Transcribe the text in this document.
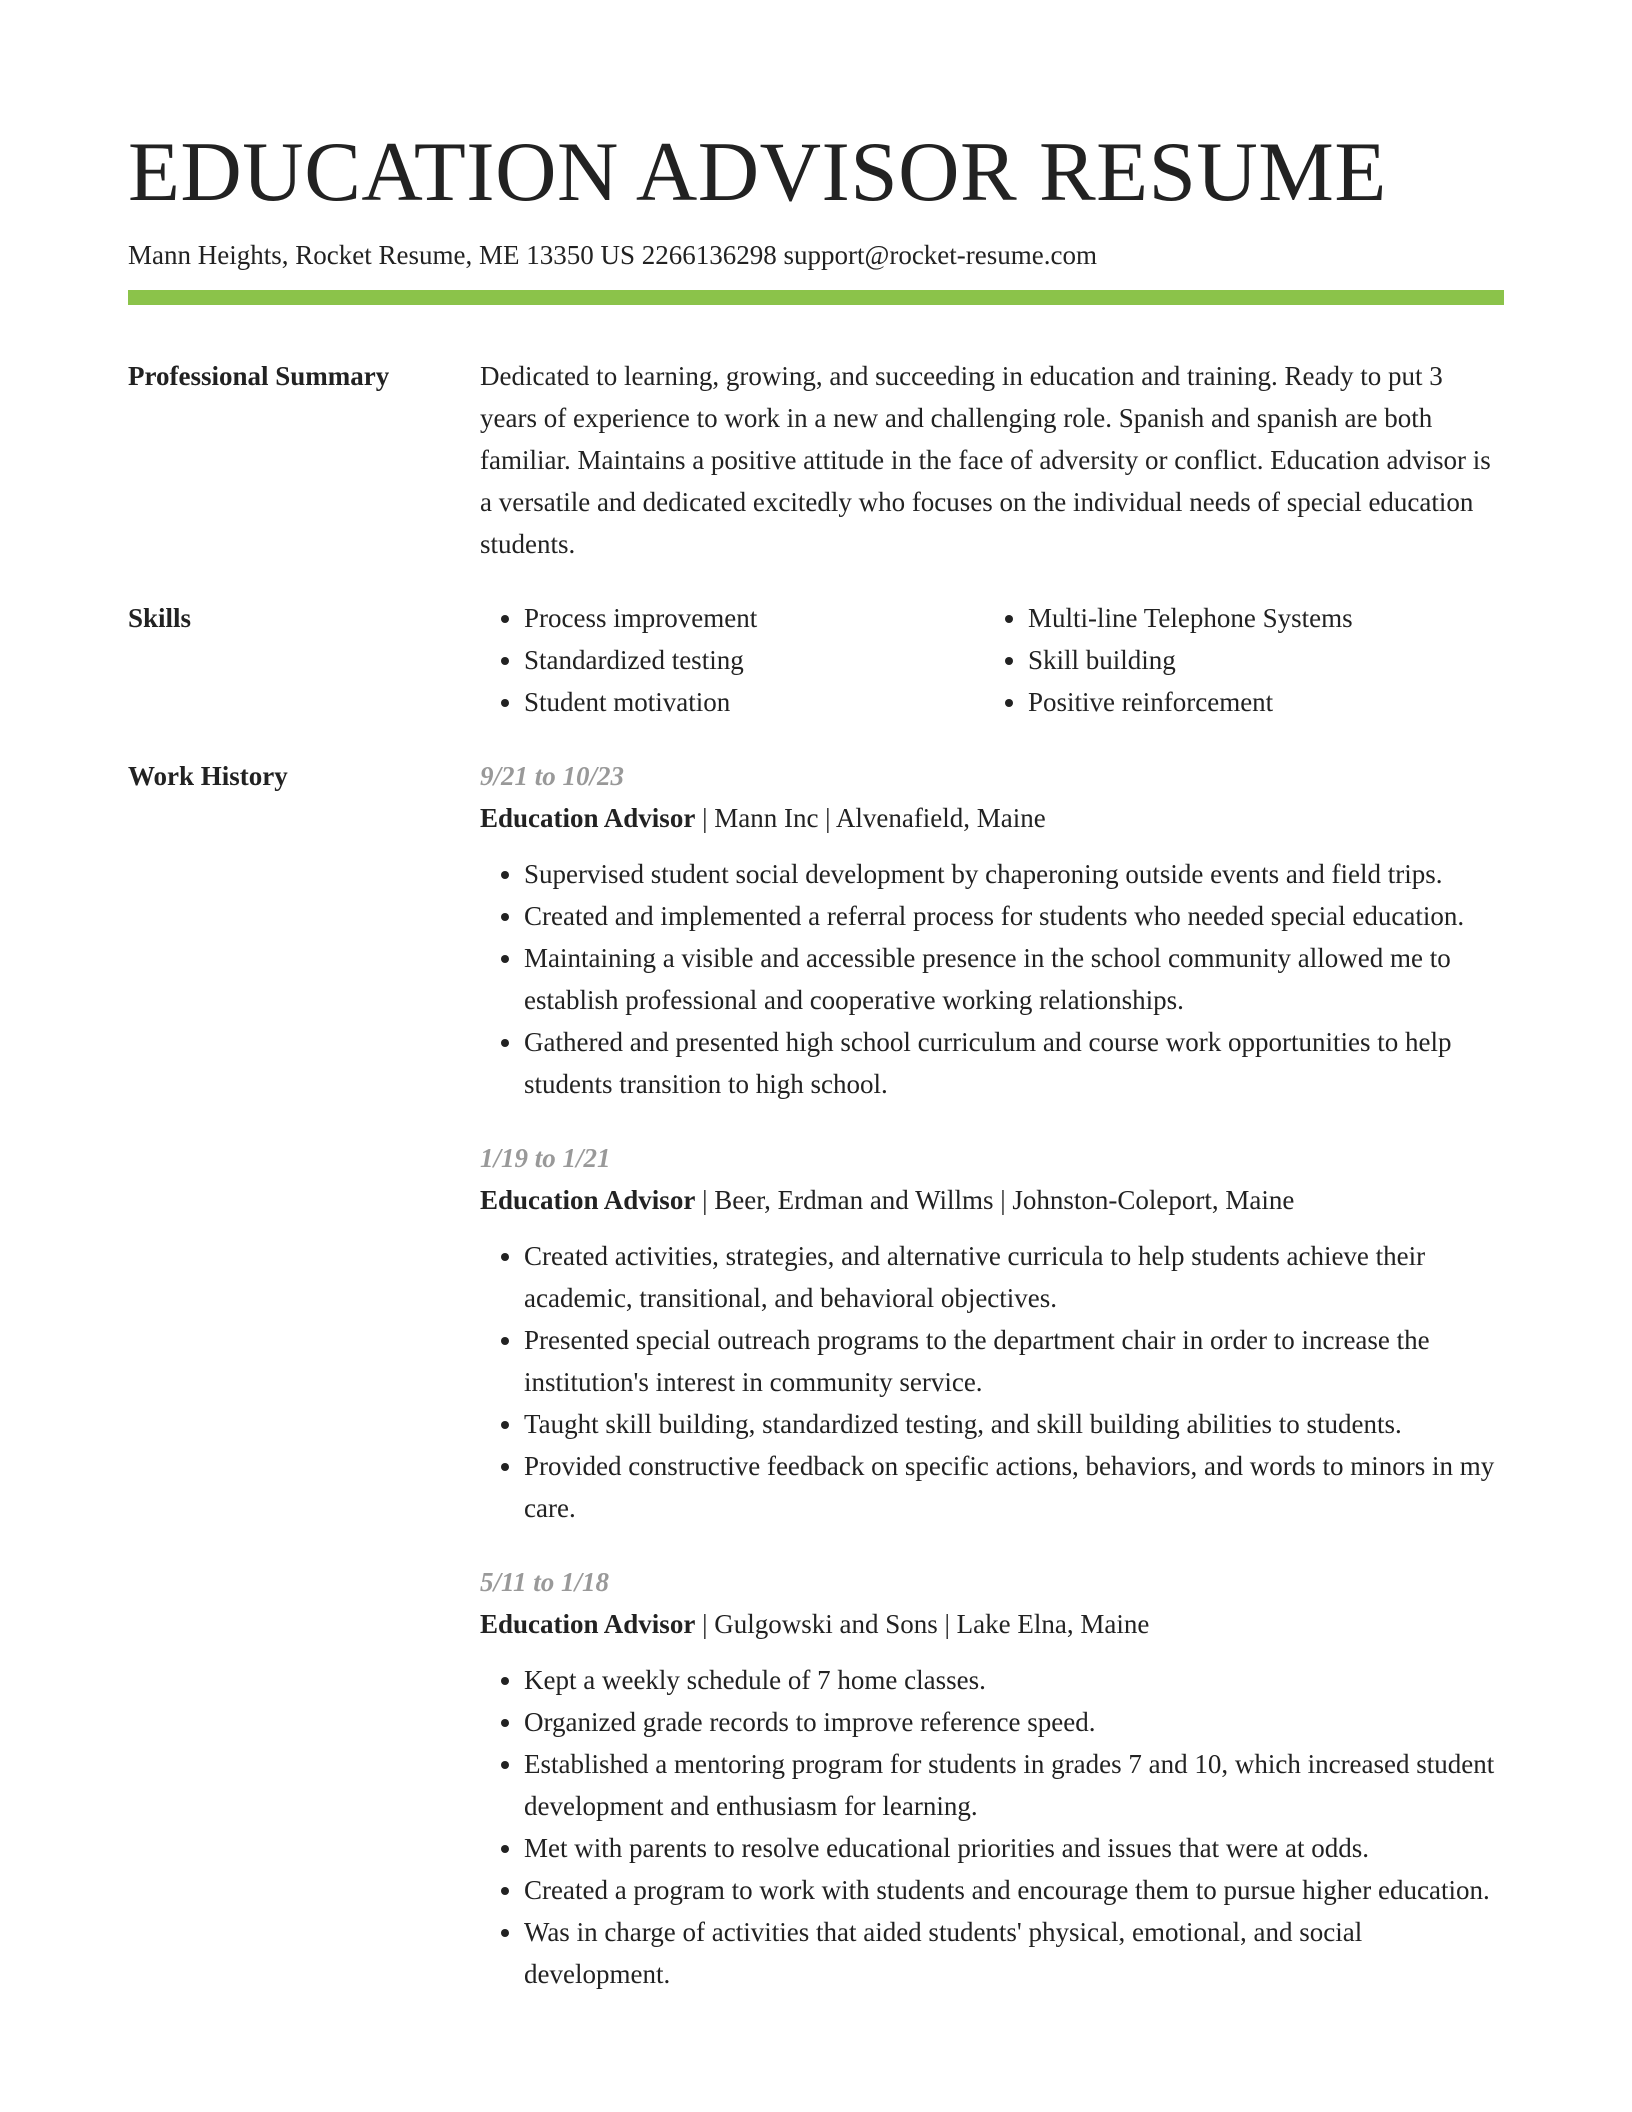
EDUCATION ADVISOR RESUME
Mann Heights, Rocket Resume, ME 13350 US 2266136298 support@rocket-resume.com
Professional Summary	Dedicated to learning, growing, and succeeding in education and training. Ready to put 3 years of experience to work in a new and challenging role. Spanish and spanish are both familiar. Maintains a positive attitude in the face of adversity or conflict. Education advisor is a versatile and dedicated excitedly who focuses on the individual needs of special education students.
Skills
•	Process improvement
• Standardized testing
• Student motivation
• Multi-line Telephone Systems
• Skill building
• Positive reinforcement
Work History	9/21 to 10/23
Education Advisor | Mann Inc | Alvenafield, Maine
• Supervised student social development by chaperoning outside events and field trips.
• Created and implemented a referral process for students who needed special education.
• Maintaining a visible and accessible presence in the school community allowed me to establish professional and cooperative working relationships.
• Gathered and presented high school curriculum and course work opportunities to help students transition to high school.
1/19 to 1/21
Education Advisor | Beer, Erdman and Willms | Johnston-Coleport, Maine
• Created activities, strategies, and alternative curricula to help students achieve their academic, transitional, and behavioral objectives.
• Presented special outreach programs to the department chair in order to increase the institution's interest in community service.
• Taught skill building, standardized testing, and skill building abilities to students.
• Provided constructive feedback on specific actions, behaviors, and words to minors in my care.
5/11 to 1/18
Education Advisor | Gulgowski and Sons | Lake Elna, Maine
• Kept a weekly schedule of 7 home classes.
• Organized grade records to improve reference speed.
• Established a mentoring program for students in grades 7 and 10, which increased student development and enthusiasm for learning.
• Met with parents to resolve educational priorities and issues that were at odds.
• Created a program to work with students and encourage them to pursue higher education.
• Was in charge of activities that aided students' physical, emotional, and social development.
